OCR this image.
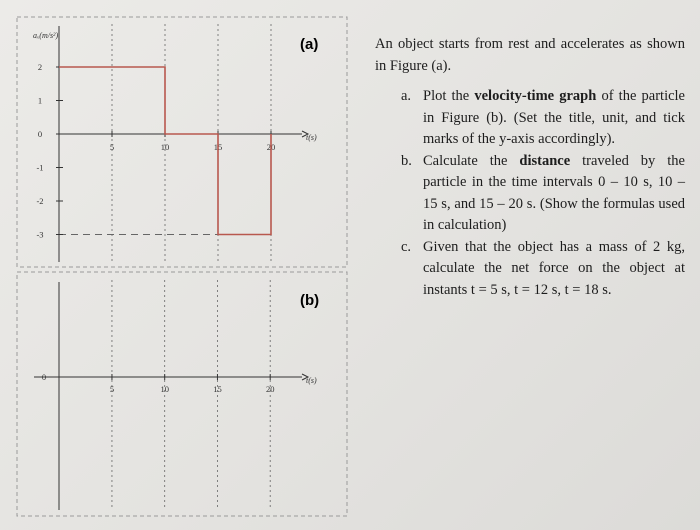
2
1
0
-1
-2
-3
5	10	15	20
0
5	10	15	20
(a)
(b)
aₓ(m/s²)
t(s)
t(s)

An object starts from rest and accelerates as shown in Figure (a).

a. Plot the velocity-time graph of the particle in Figure (b). (Set the title, unit, and tick marks of the y-axis accordingly).
b. Calculate the distance traveled by the particle in the time intervals 0 – 10 s, 10 – 15 s, and 15 – 20 s. (Show the formulas used in calculation)
c. Given that the object has a mass of 2 kg, calculate the net force on the object at instants t = 5 s, t = 12 s, t = 18 s.
